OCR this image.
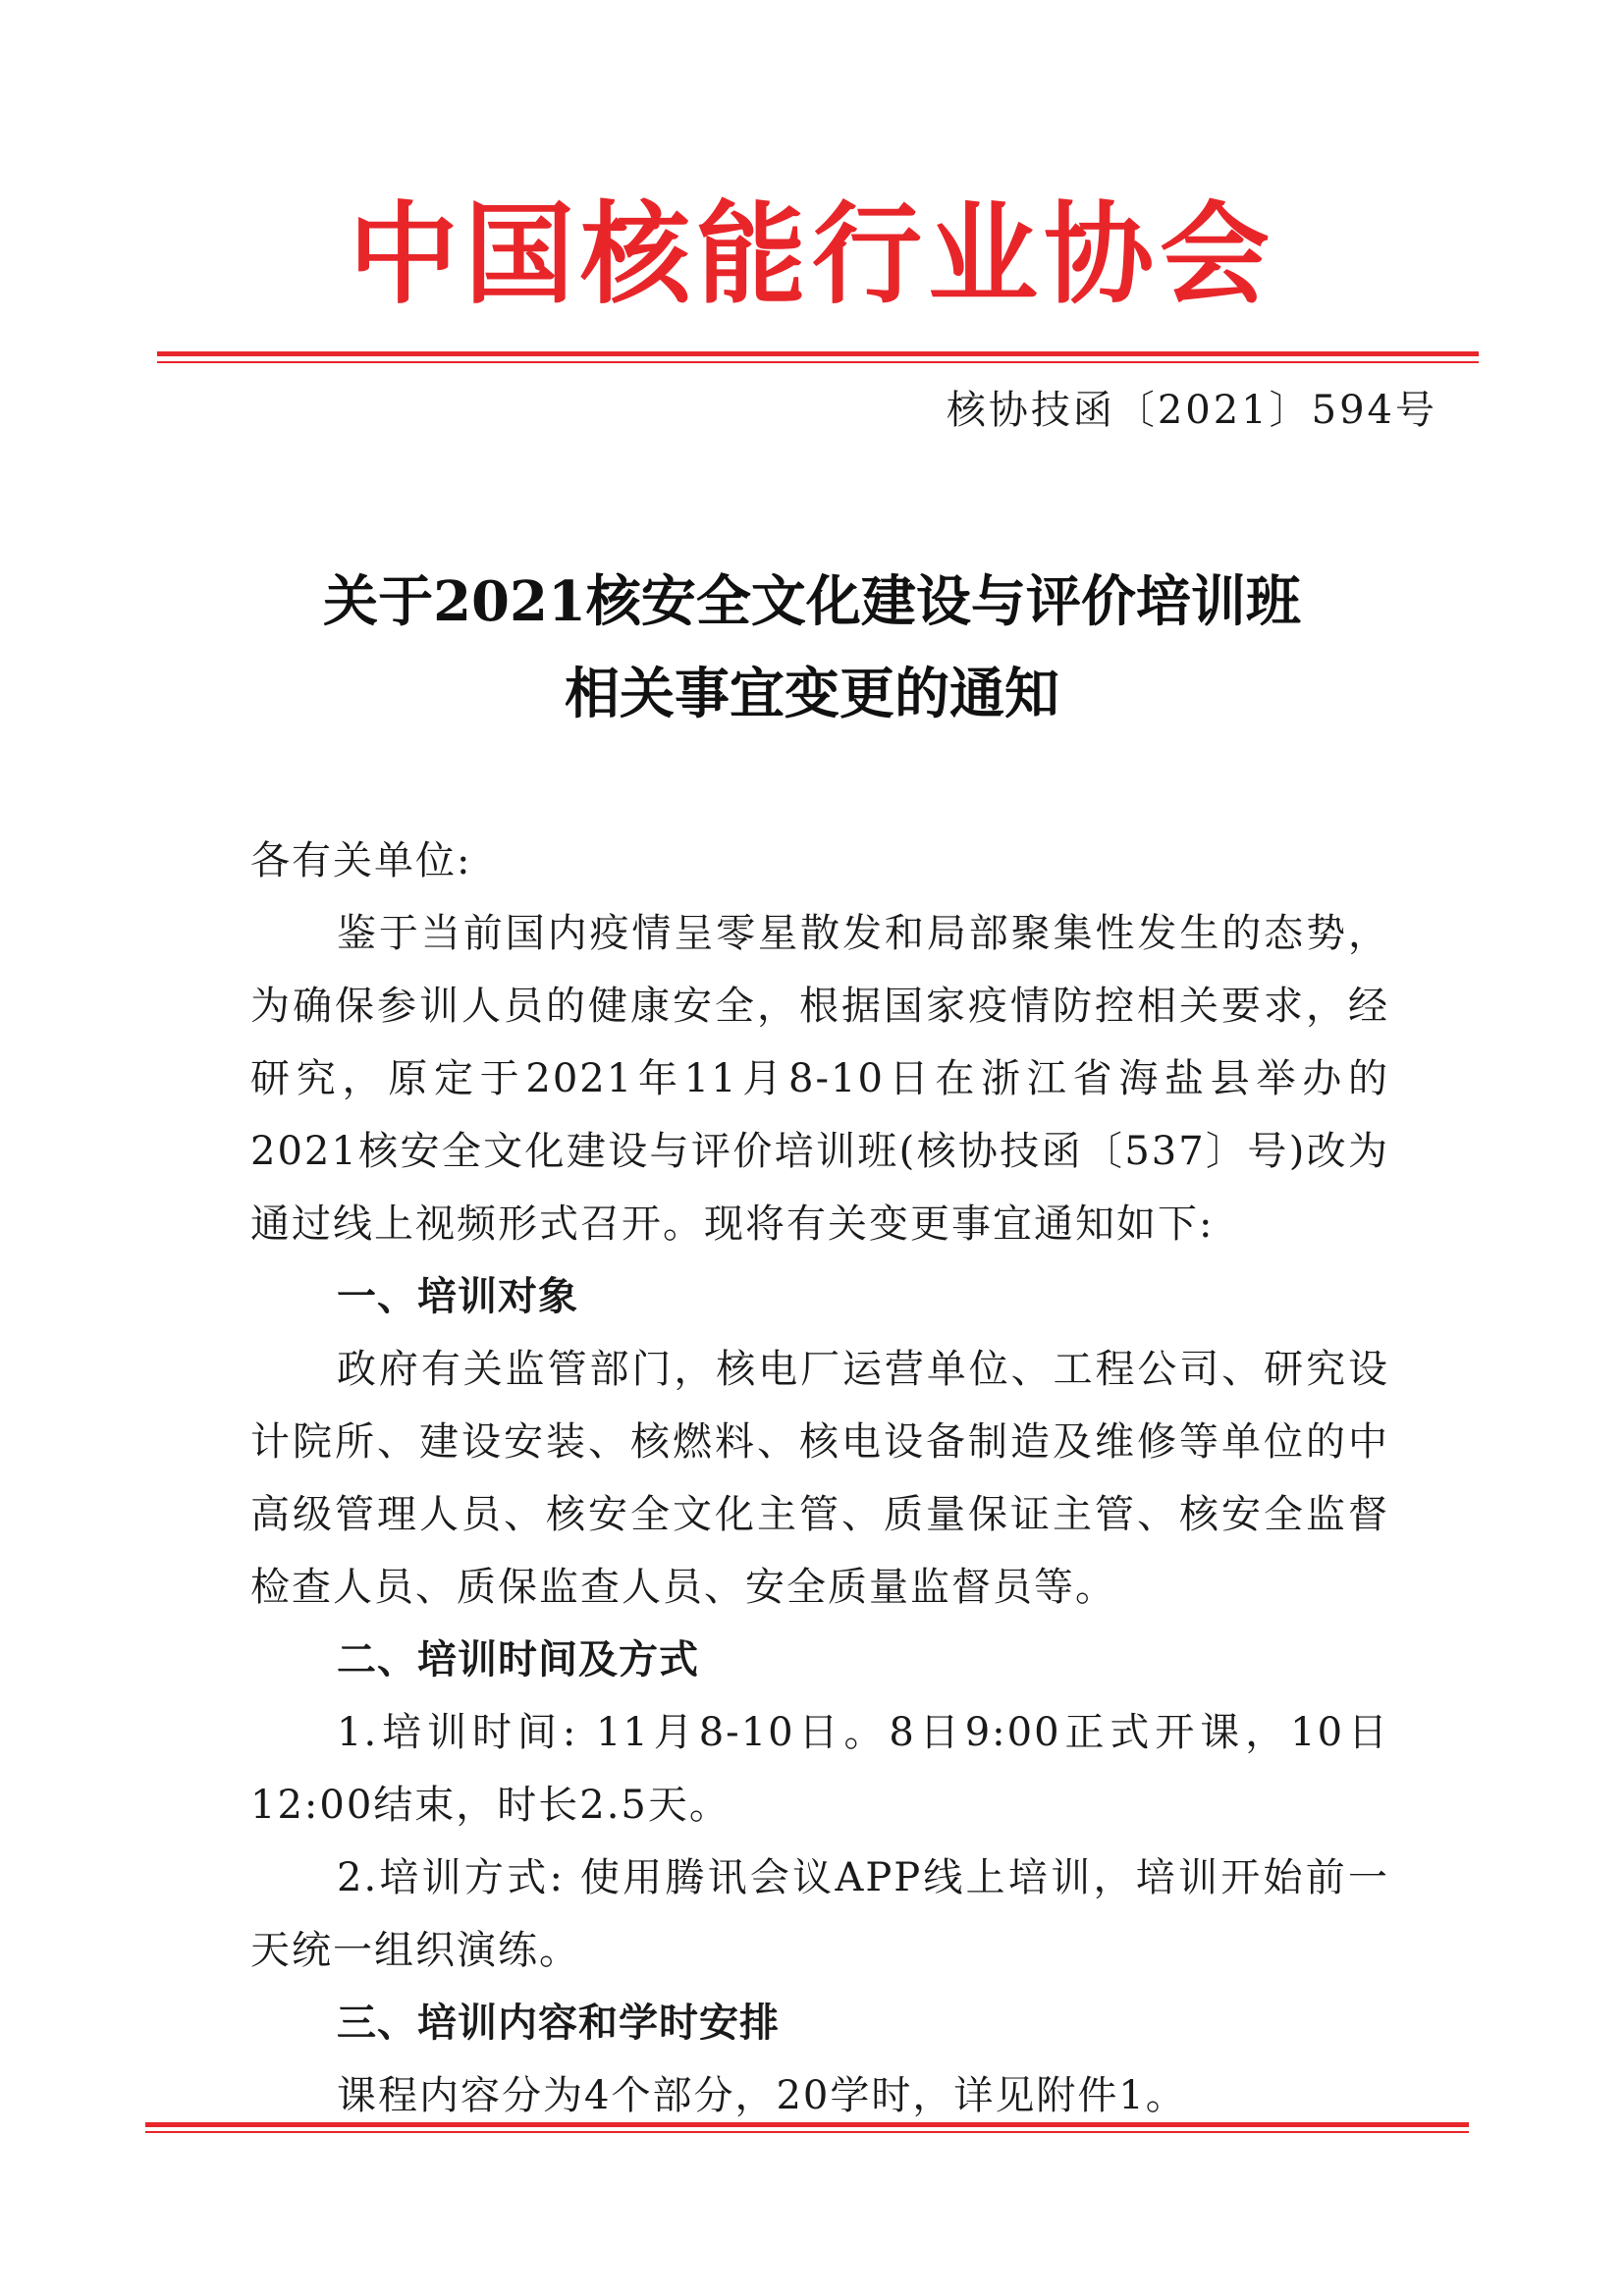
中国核能行业协会
核协技函〔2021〕594号
关于2021核安全文化建设与评价培训班
相关事宜变更的通知

各有关单位:

鉴于当前国内疫情呈零星散发和局部聚集性发生的态势，为确保参训人员的健康安全，根据国家疫情防控相关要求，经研究，原定于2021年11月8-10日在浙江省海盐县举办的2021核安全文化建设与评价培训班(核协技函〔537〕号)改为通过线上视频形式召开。现将有关变更事宜通知如下:

一、培训对象

政府有关监管部门，核电厂运营单位、工程公司、研究设计院所、建设安装、核燃料、核电设备制造及维修等单位的中高级管理人员、核安全文化主管、质量保证主管、核安全监督检查人员、质保监查人员、安全质量监督员等。

二、培训时间及方式

1.培训时间: 11月8-10日。8日9:00正式开课，10日12:00结束，时长2.5天。

2.培训方式: 使用腾讯会议APP线上培训，培训开始前一天统一组织演练。

三、培训内容和学时安排

课程内容分为4个部分，20学时，详见附件1。
